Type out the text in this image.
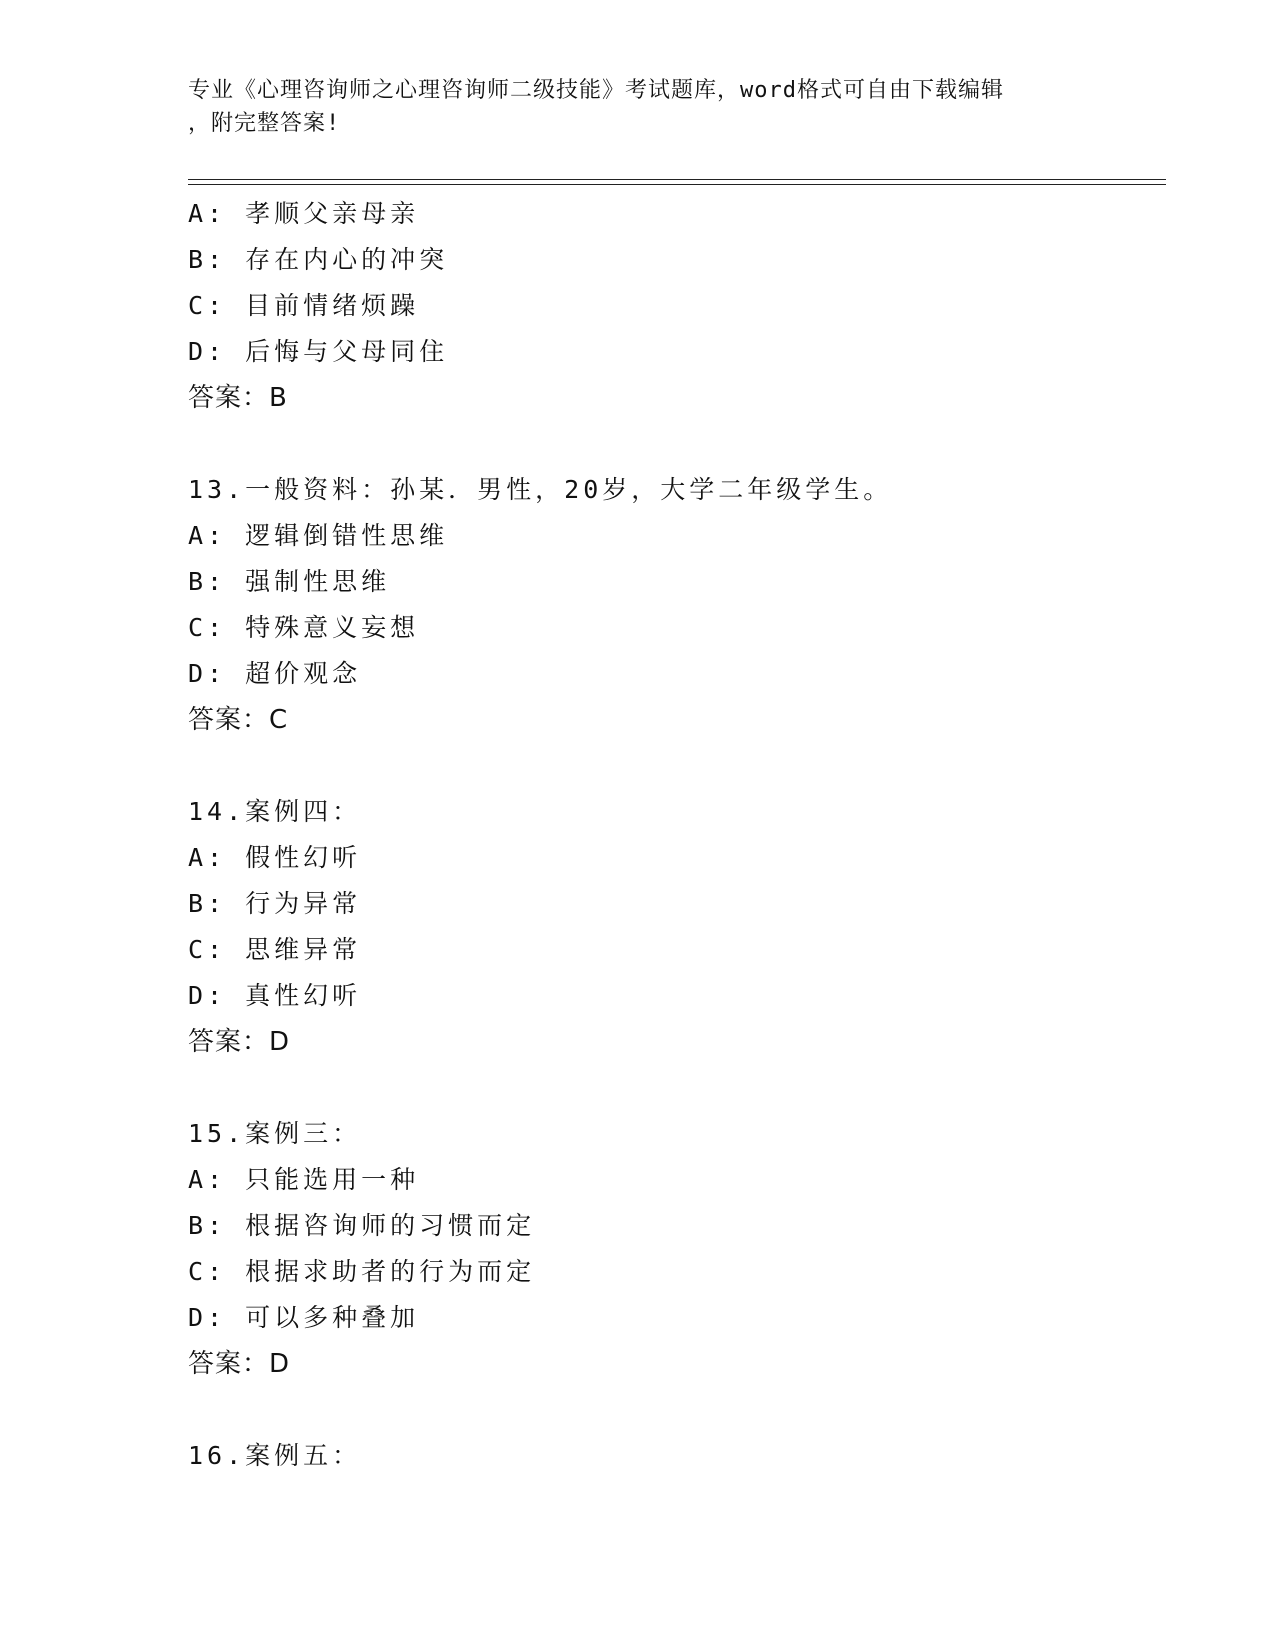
专业《心理咨询师之心理咨询师二级技能》考试题库，word格式可自由下载编辑
，附完整答案!
A: 孝顺父亲母亲
B: 存在内心的冲突
C: 目前情绪烦躁
D: 后悔与父母同住
答案：B
13.一般资料：孙某．男性，20岁，大学二年级学生。
A: 逻辑倒错性思维
B: 强制性思维
C: 特殊意义妄想
D: 超价观念
答案：C
14.案例四：
A: 假性幻听
B: 行为异常
C: 思维异常
D: 真性幻听
答案：D
15.案例三：
A: 只能选用一种
B: 根据咨询师的习惯而定
C: 根据求助者的行为而定
D: 可以多种叠加
答案：D
16.案例五：
